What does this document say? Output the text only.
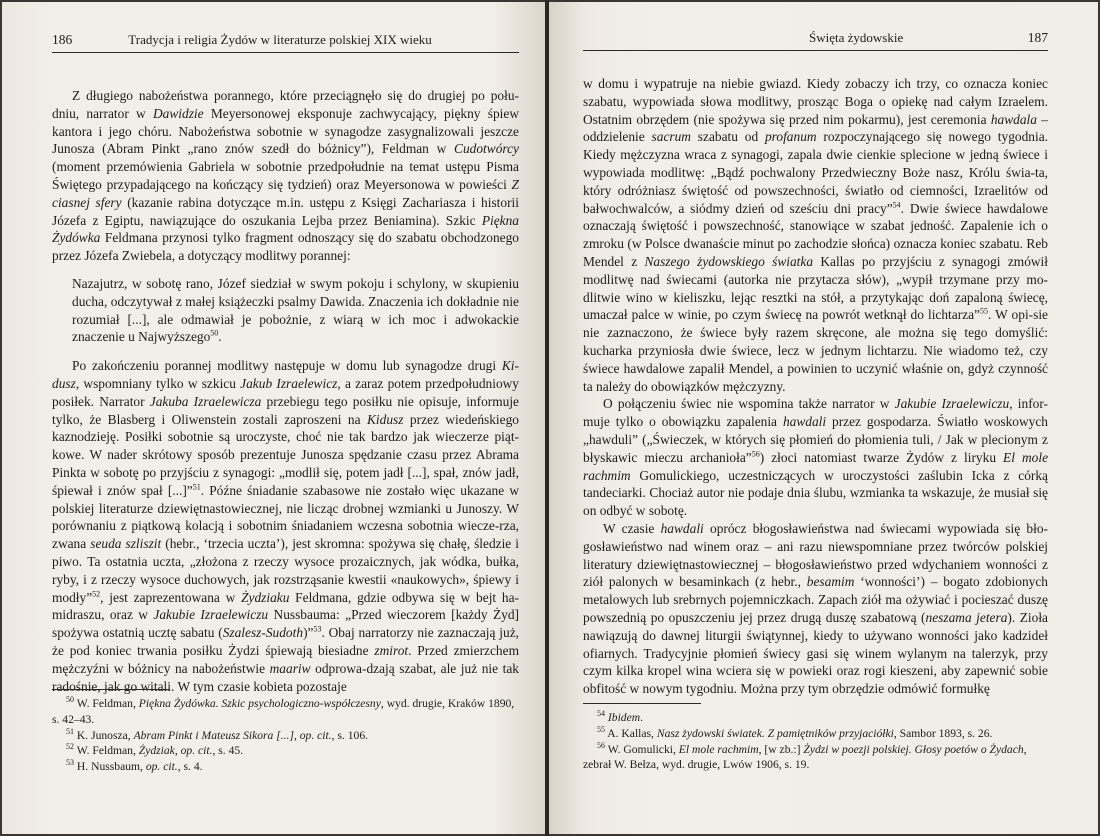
186	Tradycja i religia Żydów w literaturze polskiej XIX wieku

Z długiego nabożeństwa porannego, które przeciągnęło się do drugiej po połu-dniu, narrator w Dawidzie Meyersonowej eksponuje zachwycający, piękny śpiew kantora i jego chóru. Nabożeństwa sobotnie w synagodze zasygnalizowali jeszcze Junosza (Abram Pinkt „rano znów szedł do bóżnicy”), Feldman w Cudotwórcy (moment przemówienia Gabriela w sobotnie przedpołudnie na temat ustępu Pisma Świętego przypadającego na kończący się tydzień) oraz Meyersonowa w powieści Z ciasnej sfery (kazanie rabina dotyczące m.in. ustępu z Księgi Zachariasza i historii Józefa z Egiptu, nawiązujące do oszukania Lejba przez Beniamina). Szkic Piękna Żydówka Feldmana przynosi tylko fragment odnoszący się do szabatu obchodzonego przez Józefa Zwiebela, a dotyczący modlitwy porannej:

Nazajutrz, w sobotę rano, Józef siedział w swym pokoju i schylony, w skupieniu ducha, odczytywał z małej książeczki psalmy Dawida. Znaczenia ich dokładnie nie rozumiał [...], ale odmawiał je pobożnie, z wiarą w ich moc i adwokackie znaczenie u Najwyższego$^{50}$.

Po zakończeniu porannej modlitwy następuje w domu lub synagodze drugi Ki-dusz, wspomniany tylko w szkicu Jakub Izraelewicz, a zaraz potem przedpołudniowy posiłek. Narrator Jakuba Izraelewicza przebiegu tego posiłku nie opisuje, informuje tylko, że Blasberg i Oliwenstein zostali zaproszeni na Kidusz przez wiedeńskiego kaznodzieję. Posiłki sobotnie są uroczyste, choć nie tak bardzo jak wieczerze piąt-kowe. W nader skrótowy sposób prezentuje Junosza spędzanie czasu przez Abrama Pinkta w sobotę po przyjściu z synagogi: „modlił się, potem jadł [...], spał, znów jadł, śpiewał i znów spał [...]”$^{51}$. Późne śniadanie szabasowe nie zostało więc ukazane w polskiej literaturze dziewiętnastowiecznej, nie licząc drobnej wzmianki u Junoszy. W porównaniu z piątkową kolacją i sobotnim śniadaniem wczesna sobotnia wiecze-rza, zwana seuda szliszit (hebr., ‘trzecia uczta’), jest skromna: spożywa się chałę, śledzie i piwo. Ta ostatnia uczta, „złożona z rzeczy wysoce prozaicznych, jak wódka, bułka, ryby, i z rzeczy wysoce duchowych, jak rozstrząsanie kwestii «naukowych», śpiewy i modły”$^{52}$, jest zaprezentowana w Żydziaku Feldmana, gdzie odbywa się w bejt ha-midraszu, oraz w Jakubie Izraelewiczu Nussbauma: „Przed wieczorem [każdy Żyd] spożywa ostatnią ucztę sabatu (Szalesz-Sudoth)”$^{53}$. Obaj narratorzy nie zaznaczają już, że pod koniec trwania posiłku Żydzi śpiewają biesiadne zmirot. Przed zmierzchem mężczyźni w bóżnicy na nabożeństwie maariw odprowa-dzają szabat, ale już nie tak radośnie, jak go witali. W tym czasie kobieta pozostaje

$^{50}$ W. Feldman, Piękna Żydówka. Szkic psychologiczno-współczesny, wyd. drugie, Kraków 1890, s. 42–43.

$^{51}$ K. Junosza, Abram Pinkt i Mateusz Sikora [...], op. cit., s. 106.

$^{52}$ W. Feldman, Żydziak, op. cit., s. 45.

$^{53}$ H. Nussbaum, op. cit., s. 4.

Święta żydowskie	187

w domu i wypatruje na niebie gwiazd. Kiedy zobaczy ich trzy, co oznacza koniec szabatu, wypowiada słowa modlitwy, prosząc Boga o opiekę nad całym Izraelem. Ostatnim obrzędem (nie spożywa się przed nim pokarmu), jest ceremonia hawdala – oddzielenie sacrum szabatu od profanum rozpoczynającego się nowego tygodnia. Kiedy mężczyzna wraca z synagogi, zapala dwie cienkie splecione w jedną świece i wypowiada modlitwę: „Bądź pochwalony Przedwieczny Boże nasz, Królu świa-ta, który odróżniasz świętość od powszechności, światło od ciemności, Izraelitów od bałwochwalców, a siódmy dzień od sześciu dni pracy”$^{54}$. Dwie świece hawdalowe oznaczają świętość i powszechność, stanowiące w szabat jedność. Zapalenie ich o zmroku (w Polsce dwanaście minut po zachodzie słońca) oznacza koniec szabatu. Reb Mendel z Naszego żydowskiego światka Kallas po przyjściu z synagogi zmówił modlitwę nad świecami (autorka nie przytacza słów), „wypił trzymane przy mo-dlitwie wino w kieliszku, lejąc resztki na stół, a przytykając doń zapaloną świecę, umaczał palce w winie, po czym świecę na powrót wetknął do lichtarza”$^{55}$. W opi-sie nie zaznaczono, że świece były razem skręcone, ale można się tego domyślić: kucharka przyniosła dwie świece, lecz w jednym lichtarzu. Nie wiadomo też, czy świece hawdalowe zapalił Mendel, a powinien to uczynić właśnie on, gdyż czynność ta należy do obowiązków mężczyzny.

O połączeniu świec nie wspomina także narrator w Jakubie Izraelewiczu, infor-muje tylko o obowiązku zapalenia hawdali przez gospodarza. Światło woskowych „hawduli” („Świeczek, w których się płomień do płomienia tuli, / Jak w plecionym z błyskawic mieczu archanioła”$^{56}$) złoci natomiast twarze Żydów z liryku El mole rachmim Gomulickiego, uczestniczących w uroczystości zaślubin Icka z córką tandeciarki. Chociaż autor nie podaje dnia ślubu, wzmianka ta wskazuje, że musiał się on odbyć w sobotę.

W czasie hawdali oprócz błogosławieństwa nad świecami wypowiada się bło-gosławieństwo nad winem oraz – ani razu niewspomniane przez twórców polskiej literatury dziewiętnastowiecznej – błogosławieństwo przed wdychaniem wonności z ziół palonych w besaminkach (z hebr., besamim ‘wonności’) – bogato zdobionych metalowych lub srebrnych pojemniczkach. Zapach ziół ma ożywiać i pocieszać duszę powszednią po opuszczeniu jej przez drugą duszę szabatową (neszama jetera). Zioła nawiązują do dawnej liturgii świątynnej, kiedy to używano wonności jako kadzideł ofiarnych. Tradycyjnie płomień świecy gasi się winem wylanym na talerzyk, przy czym kilka kropel wina wciera się w powieki oraz rogi kieszeni, aby zapewnić sobie obfitość w nowym tygodniu. Można przy tym obrzędzie odmówić formułkę

$^{54}$ Ibidem.

$^{55}$ A. Kallas, Nasz żydowski światek. Z pamiętników przyjaciółki, Sambor 1893, s. 26.

$^{56}$ W. Gomulicki, El mole rachmim, [w zb.:] Żydzi w poezji polskiej. Głosy poetów o Żydach, zebrał W. Bełza, wyd. drugie, Lwów 1906, s. 19.
